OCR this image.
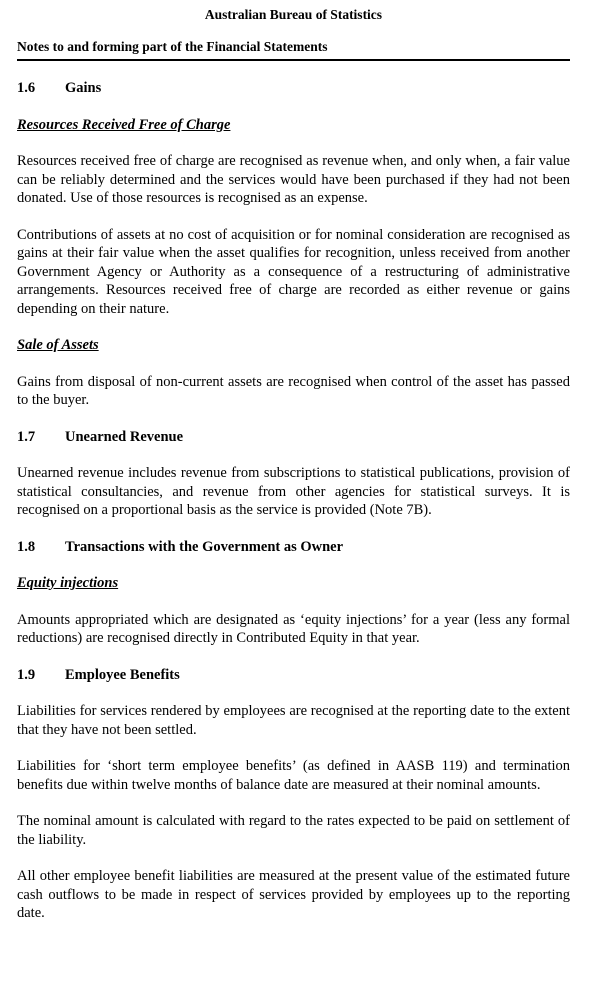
Australian Bureau of Statistics
Notes to and forming part of the Financial Statements
1.6 Gains
Resources Received Free of Charge

Resources received free of charge are recognised as revenue when, and only when, a fair value can be reliably determined and the services would have been purchased if they had not been donated. Use of those resources is recognised as an expense.

Contributions of assets at no cost of acquisition or for nominal consideration are recognised as gains at their fair value when the asset qualifies for recognition, unless received from another Government Agency or Authority as a consequence of a restructuring of administrative arrangements. Resources received free of charge are recorded as either revenue or gains depending on their nature.

Sale of Assets

Gains from disposal of non-current assets are recognised when control of the asset has passed to the buyer.

1.7 Unearned Revenue

Unearned revenue includes revenue from subscriptions to statistical publications, provision of statistical consultancies, and revenue from other agencies for statistical surveys. It is recognised on a proportional basis as the service is provided (Note 7B).

1.8 Transactions with the Government as Owner
Equity injections

Amounts appropriated which are designated as ‘equity injections’ for a year (less any formal reductions) are recognised directly in Contributed Equity in that year.

1.9 Employee Benefits

Liabilities for services rendered by employees are recognised at the reporting date to the extent that they have not been settled.

Liabilities for ‘short term employee benefits’ (as defined in AASB 119) and termination benefits due within twelve months of balance date are measured at their nominal amounts.

The nominal amount is calculated with regard to the rates expected to be paid on settlement of the liability.

All other employee benefit liabilities are measured at the present value of the estimated future cash outflows to be made in respect of services provided by employees up to the reporting date.
